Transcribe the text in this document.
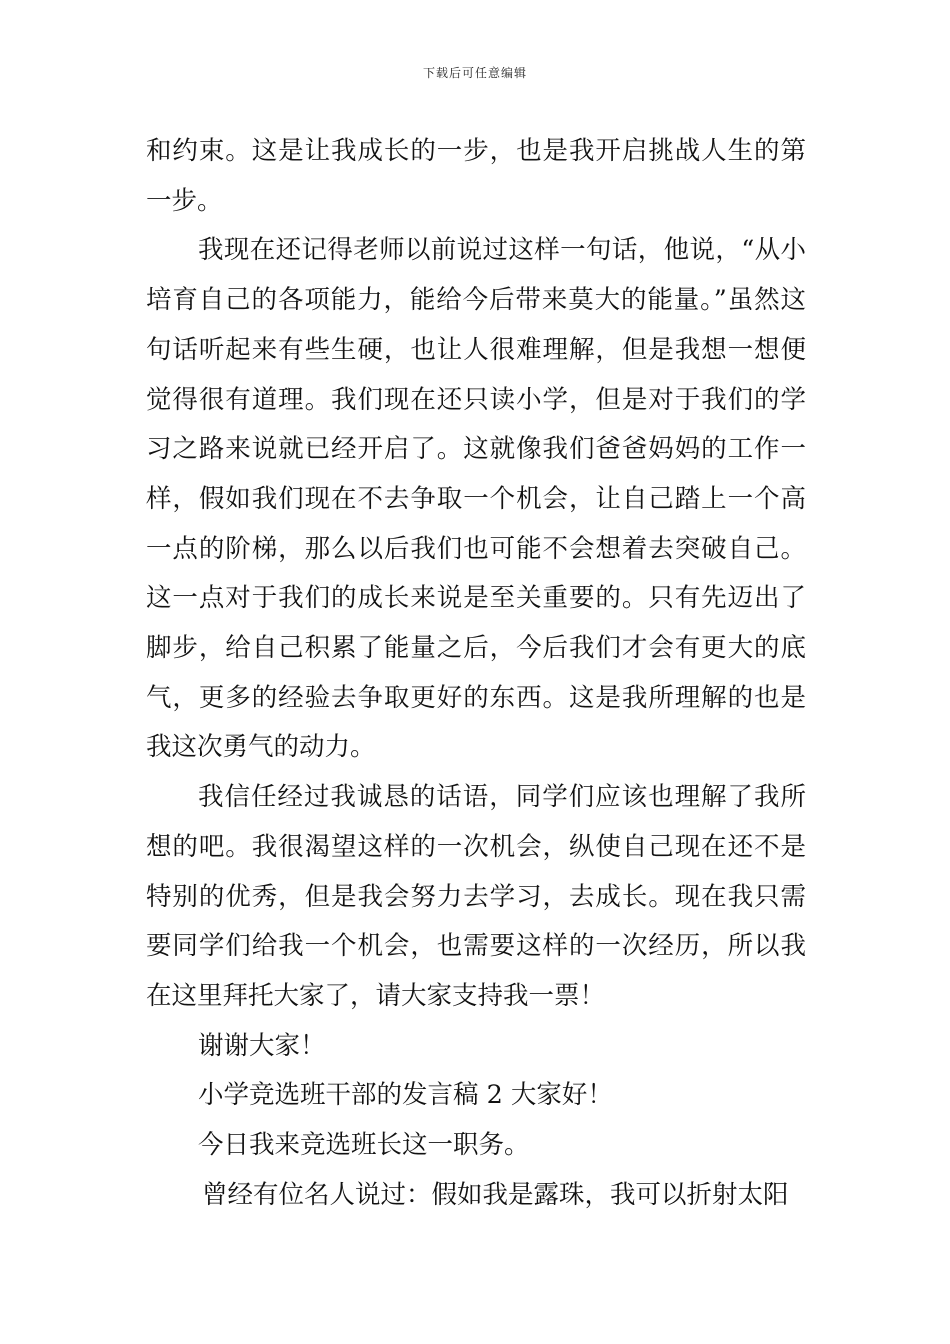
下载后可任意编辑

和约束。这是让我成长的一步，也是我开启挑战人生的第一步。

我现在还记得老师以前说过这样一句话，他说，“从小培育自己的各项能力，能给今后带来莫大的能量。”虽然这句话听起来有些生硬，也让人很难理解，但是我想一想便觉得很有道理。我们现在还只读小学，但是对于我们的学习之路来说就已经开启了。这就像我们爸爸妈妈的工作一样，假如我们现在不去争取一个机会，让自己踏上一个高一点的阶梯，那么以后我们也可能不会想着去突破自己。这一点对于我们的成长来说是至关重要的。只有先迈出了脚步，给自己积累了能量之后，今后我们才会有更大的底气，更多的经验去争取更好的东西。这是我所理解的也是我这次勇气的动力。

我信任经过我诚恳的话语，同学们应该也理解了我所想的吧。我很渴望这样的一次机会，纵使自己现在还不是特别的优秀，但是我会努力去学习，去成长。现在我只需要同学们给我一个机会，也需要这样的一次经历，所以我在这里拜托大家了，请大家支持我一票！

谢谢大家！

小学竞选班干部的发言稿 2 大家好！

今日我来竞选班长这一职务。

曾经有位名人说过：假如我是露珠，我可以折射太阳
